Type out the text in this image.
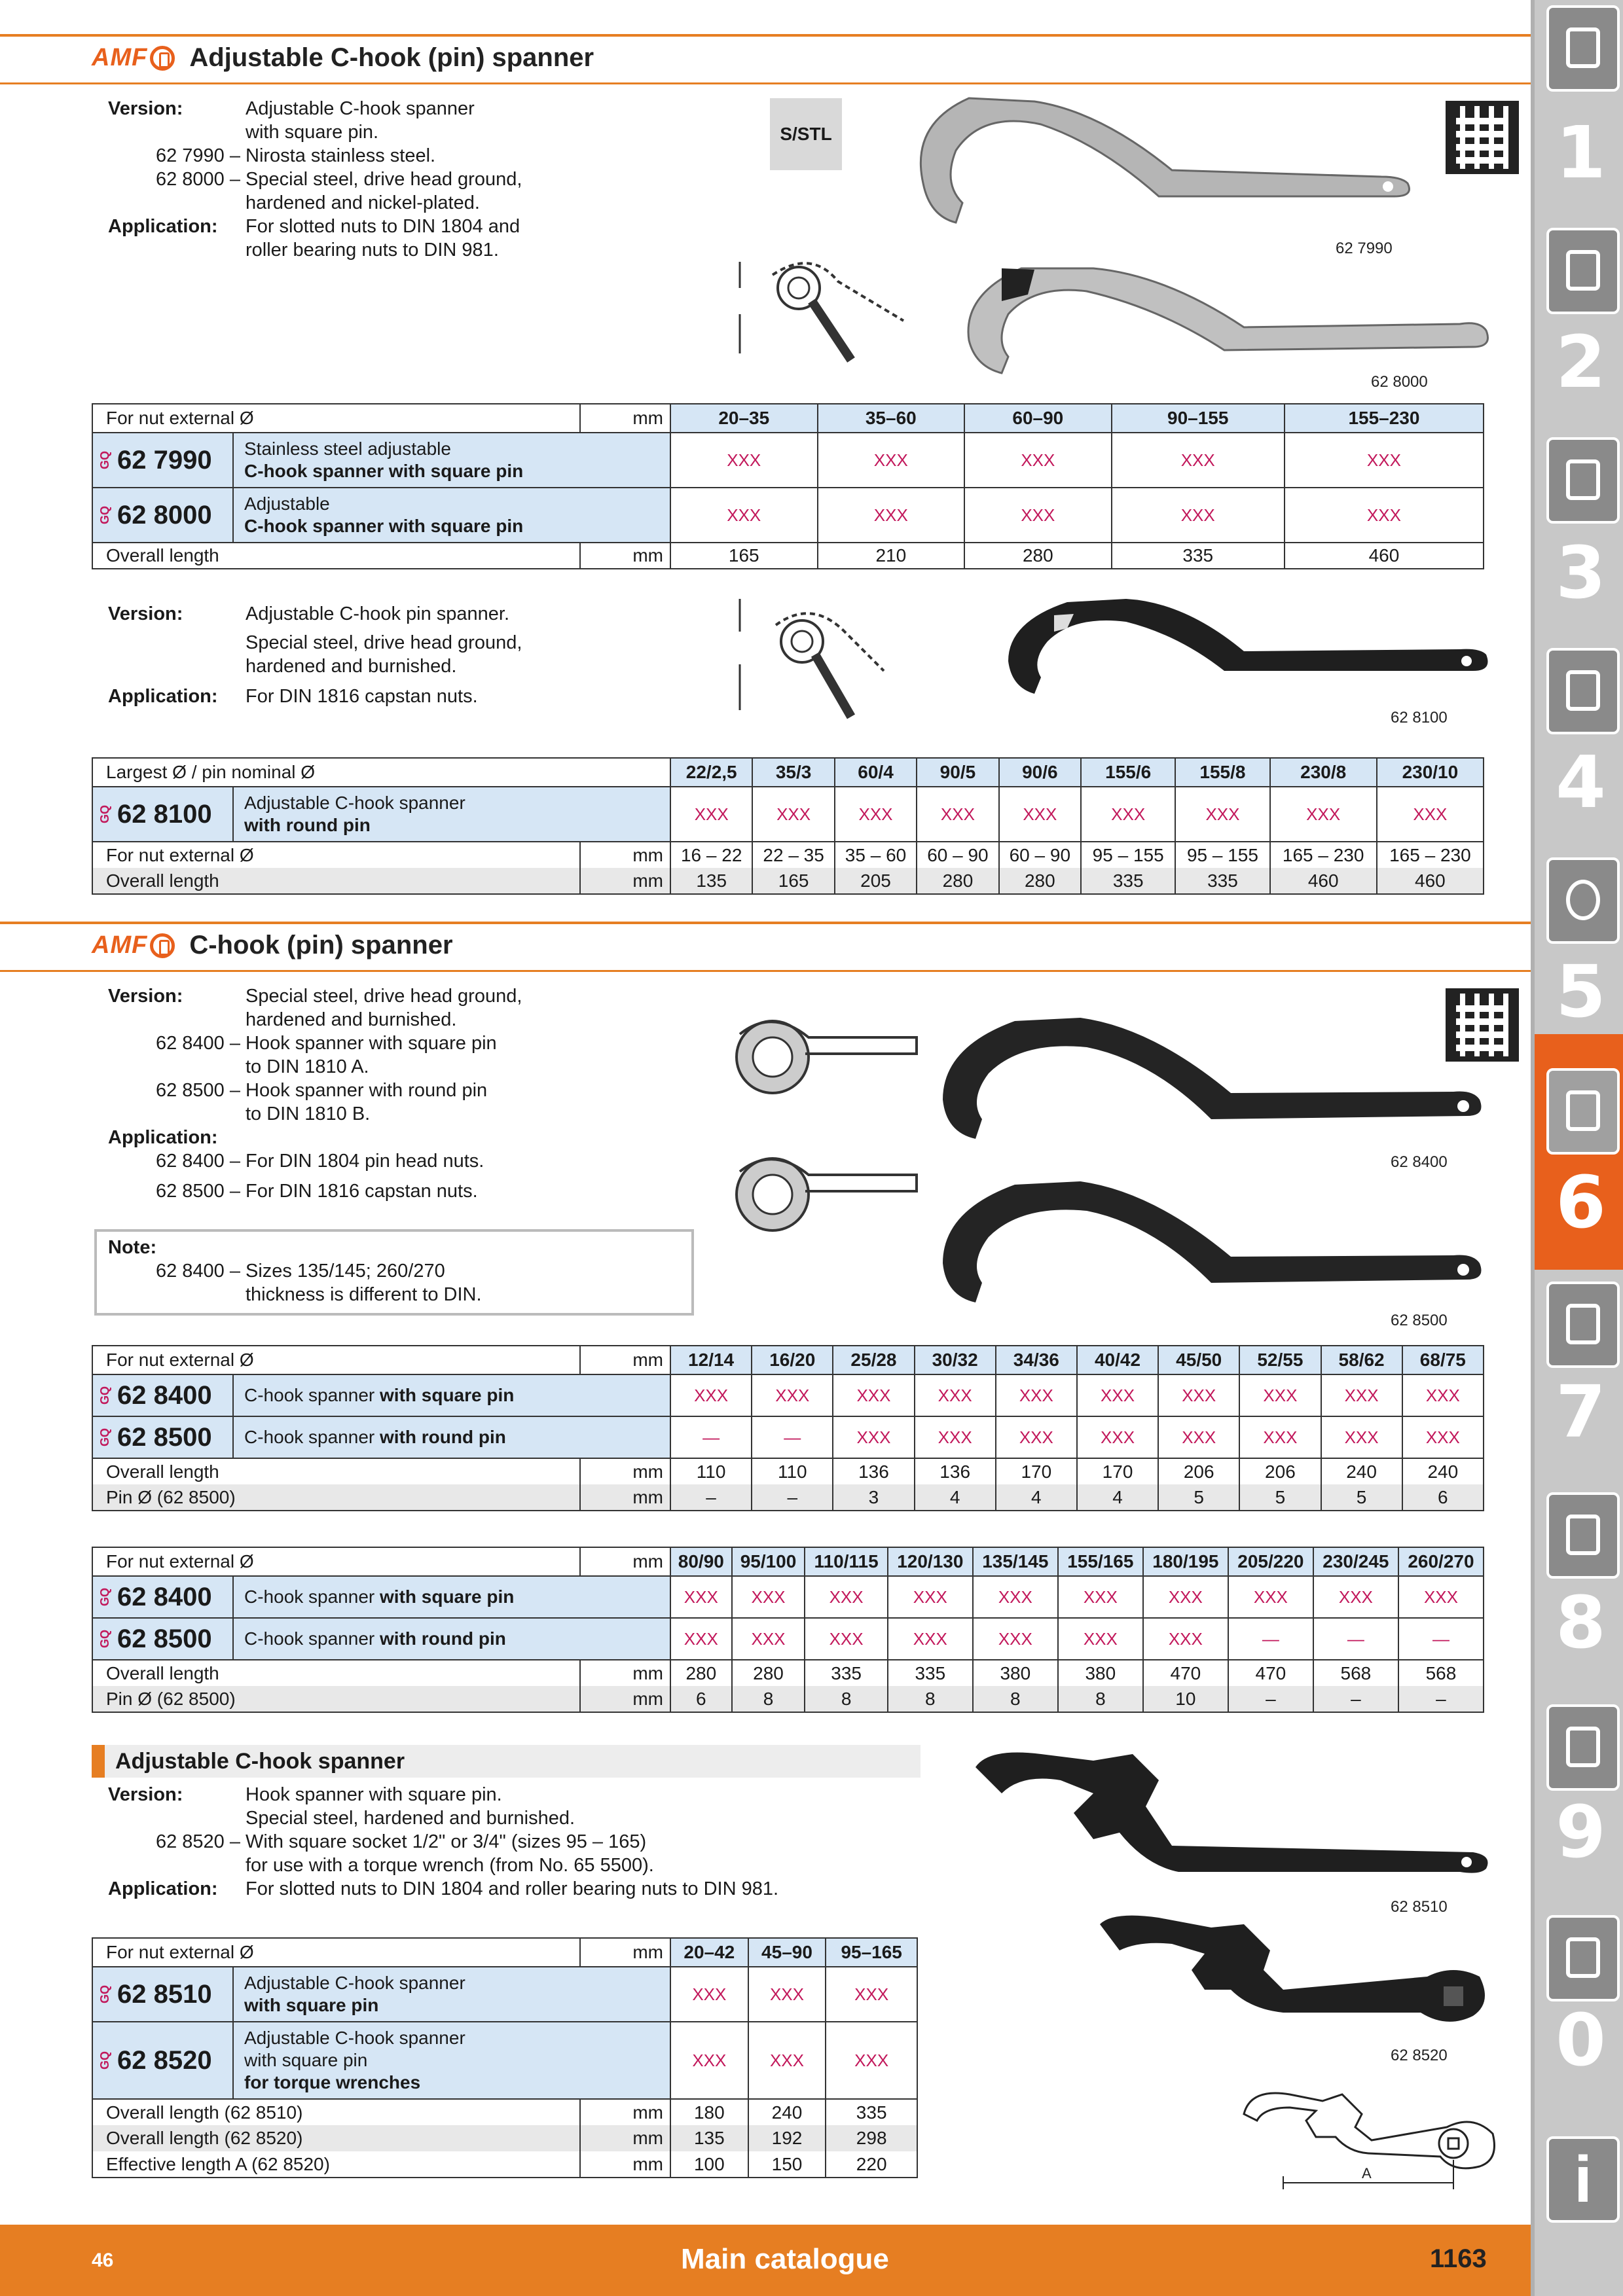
AMF Adjustable C-hook (pin) spanner
Version:	Adjustable C-hook spanner
with square pin.
62 7990 – Nirosta stainless steel.
62 8000 – Special steel, drive head ground,
hardened and nickel-plated.
Application:	For slotted nuts to DIN 1804 and
roller bearing nuts to DIN 981.
S/STL
62 7990
62 8000
For nut external Ø	mm	20–35	35–60	60–90	90–155	155–230

GQ 62 7990 Stainless steel adjustable
C-hook spanner with square pin		XXX	XXX	XXX	XXX	XXX

GQ 62 8000 Adjustable
C-hook spanner with square pin		XXX	XXX	XXX	XXX	XXX
Overall length	mm	165	210	280	335	460
Version:	Adjustable C-hook pin spanner.
Special steel, drive head ground,
hardened and burnished.
Application:	For DIN 1816 capstan nuts.
62 8100
Largest Ø / pin nominal Ø		22/2,5	35/3	60/4	90/5	90/6	155/6	155/8	230/8	230/10

GQ 62 8100 Adjustable C-hook spanner
with round pin		XXX	XXX	XXX	XXX	XXX	XXX	XXX	XXX	XXX
For nut external Ø	mm	16 – 22	22 – 35	35 – 60	60 – 90	60 – 90	95 – 155	95 – 155	165 – 230	165 – 230
Overall length	mm	135	165	205	280	280	335	335	460	460
AMF C-hook (pin) spanner
Version:	Special steel, drive head ground,
hardened and burnished.
62 8400 – Hook spanner with square pin
to DIN 1810 A.
62 8500 – Hook spanner with round pin
to DIN 1810 B.
Application:
62 8400 – For DIN 1804 pin head nuts.
62 8500 – For DIN 1816 capstan nuts.
Note:
62 8400 – Sizes 135/145; 260/270
thickness is different to DIN.
62 8400
62 8500
For nut external Ø	mm	12/14	16/20	25/28	30/32	34/36	40/42	45/50	52/55	58/62	68/75

GQ 62 8400 C-hook spanner with square pin		XXX	XXX	XXX	XXX	XXX	XXX	XXX	XXX	XXX	XXX

GQ 62 8500 C-hook spanner with round pin		—	—	XXX	XXX	XXX	XXX	XXX	XXX	XXX	XXX
Overall length	mm	110	110	136	136	170	170	206	206	240	240
Pin Ø (62 8500)	mm	–	–	3	4	4	4	5	5	5	6
For nut external Ø	mm	80/90	95/100	110/115	120/130	135/145	155/165	180/195	205/220	230/245	260/270

GQ 62 8400 C-hook spanner with square pin		XXX	XXX	XXX	XXX	XXX	XXX	XXX	XXX	XXX	XXX

GQ 62 8500 C-hook spanner with round pin		XXX	XXX	XXX	XXX	XXX	XXX	XXX	—	—	—
Overall length	mm	280	280	335	335	380	380	470	470	568	568
Pin Ø (62 8500)	mm	6	8	8	8	8	8	10	–	–	–
Adjustable C-hook spanner
Version:	Hook spanner with square pin.
Special steel, hardened and burnished.
62 8520 – With square socket 1/2" or 3/4" (sizes 95 – 165)
for use with a torque wrench (from No. 65 5500).
Application:	For slotted nuts to DIN 1804 and roller bearing nuts to DIN 981.
62 8510
62 8520
A
For nut external Ø	mm	20–42	45–90	95–165

GQ 62 8510 Adjustable C-hook spanner
with square pin		XXX	XXX	XXX

GQ 62 8520
Adjustable C-hook spanner
with square pin
for torque wrenches		XXX	XXX	XXX
Overall length (62 8510)	mm	180	240	335
Overall length (62 8520)	mm	135	192	298
Effective length A (62 8520)	mm	100	150	220
1
2
3
4
5
6
7
8
9
0
i
46	Main catalogue	1163
